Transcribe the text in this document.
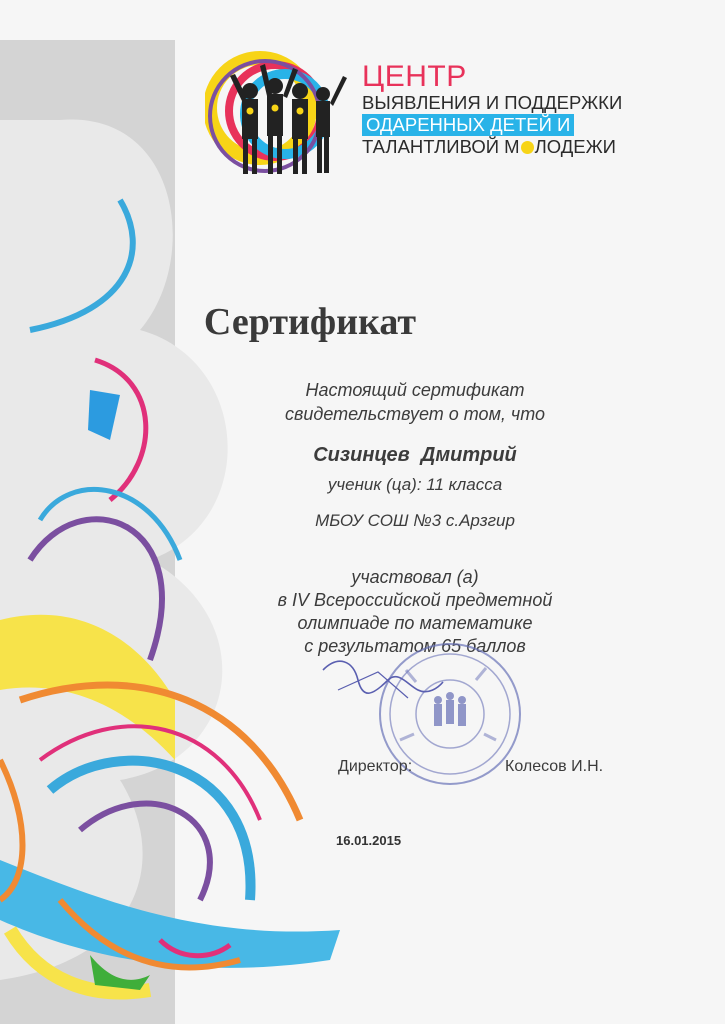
ЦЕНТР
ВЫЯВЛЕНИЯ И ПОДДЕРЖКИ
ОДАРЕННЫХ ДЕТЕЙ И
ТАЛАНТЛИВОЙ М ЛОДЕЖИ
Сертификат
Настоящий сертификат
свидетельствует о том, что
Сизинцев  Дмитрий
ученик (ца): 11 класса
МБОУ СОШ №3 с.Арзгир
участвовал (а)
в IV Всероссийской предметной
олимпиаде по математике
с результатом 65 баллов
Директор:	Колесов И.Н.
16.01.2015
